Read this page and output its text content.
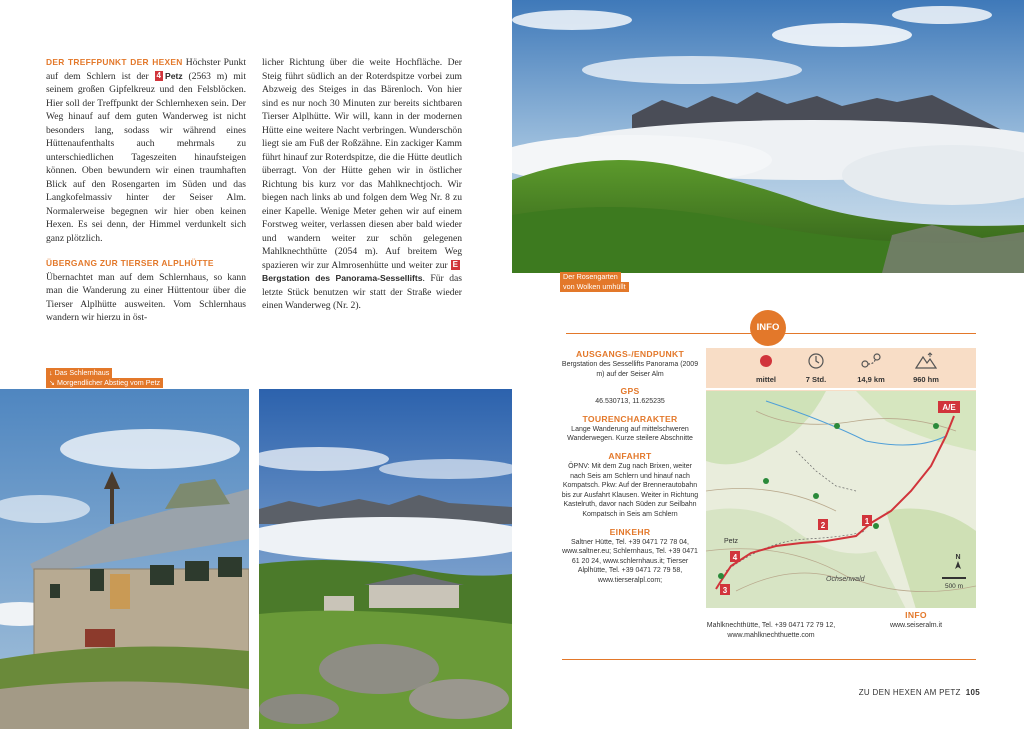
DER TREFFPUNKT DER HEXEN Höchster Punkt auf dem Schlern ist der 4 Petz (2563 m) mit seinem großen Gipfelkreuz und den Felsblöcken. Hier soll der Treffpunkt der Schlernhexen sein. Der Weg hinauf auf dem guten Wanderweg ist nicht besonders lang, sodass wir während eines Hüttenaufenthalts auch mehrmals zu unterschiedlichen Tageszeiten hinaufsteigen können. Oben bewundern wir einen traumhaften Blick auf den Rosengarten im Süden und das Langkofelmassiv hinter der Seiser Alm. Normalerweise begegnen wir hier oben keinen Hexen. Es sei denn, der Himmel verdunkelt sich ganz plötzlich.

ÜBERGANG ZUR TIERSER ALPLHÜTTE

Übernachtet man auf dem Schlernhaus, so kann man die Wanderung zu einer Hüttentour über die Tierser Alplhütte ausweiten. Vom Schlernhaus wandern wir hierzu in öst-

licher Richtung über die weite Hochfläche. Der Steig führt südlich an der Roterdspitze vorbei zum Abzweig des Steiges in das Bärenloch. Von hier sind es nur noch 30 Minuten zur bereits sichtbaren Tierser Alplhütte. Wir will, kann in der modernen Hütte eine weitere Nacht verbringen. Wunderschön liegt sie am Fuß der Roßzähne. Ein zackiger Kamm führt hinauf zur Roterdspitze, die die Hütte deutlich überragt. Von der Hütte gehen wir in östlicher Richtung bis kurz vor das Mahlknechtjoch. Wir biegen nach links ab und folgen dem Weg Nr. 8 zu einer Kapelle. Wenige Meter gehen wir auf einem Forstweg weiter, verlassen diesen aber bald wieder und wandern weiter zur schön gelegenen Mahlknechthütte (2054 m). Auf breitem Weg spazieren wir zur Almrosenhütte und weiter zur EBergstation des Panorama-Sessellifts. Für das letzte Stück benutzen wir statt der Straße wieder einen Wanderweg (Nr. 2).

Der Rosengarten
von Wolken umhüllt
↓ Das Schlernhaus
↘ Morgendlicher Abstieg vom Petz
INFO
AUSGANGS-/ENDPUNKT
Bergstation des Sessellifts Panorama (2009 m) auf der Seiser Alm
GPS
46.530713, 11.625235
TOURENCHARAKTER
Lange Wanderung auf mittelschweren Wanderwegen. Kurze steilere Abschnitte
ANFAHRT
ÖPNV: Mit dem Zug nach Brixen, weiter nach Seis am Schlern und hinauf nach Kompatsch. Pkw: Auf der Brennerautobahn bis zur Ausfahrt Klausen. Weiter in Richtung Kastelruth, davor nach Süden zur Seilbahn Kompatsch in Seis am Schlern
EINKEHR
Saltner Hütte, Tel. +39 0471 72 78 04, www.saltner.eu; Schlernhaus, Tel. +39 0471 61 20 24, www.schlernhaus.it; Tierser Alplhütte, Tel. +39 0471 72 79 58, www.tierseralpl.com;
mittel	7 Std.	14,9 km	960 hm
A/E
1
2
3
4
Petz
Ochsenwald
N
500 m
Mahlknechthütte, Tel. +39 0471 72 79 12, www.mahlknechthuette.com
INFO
www.seiseralm.it
ZU DEN HEXEN AM PETZ 105
